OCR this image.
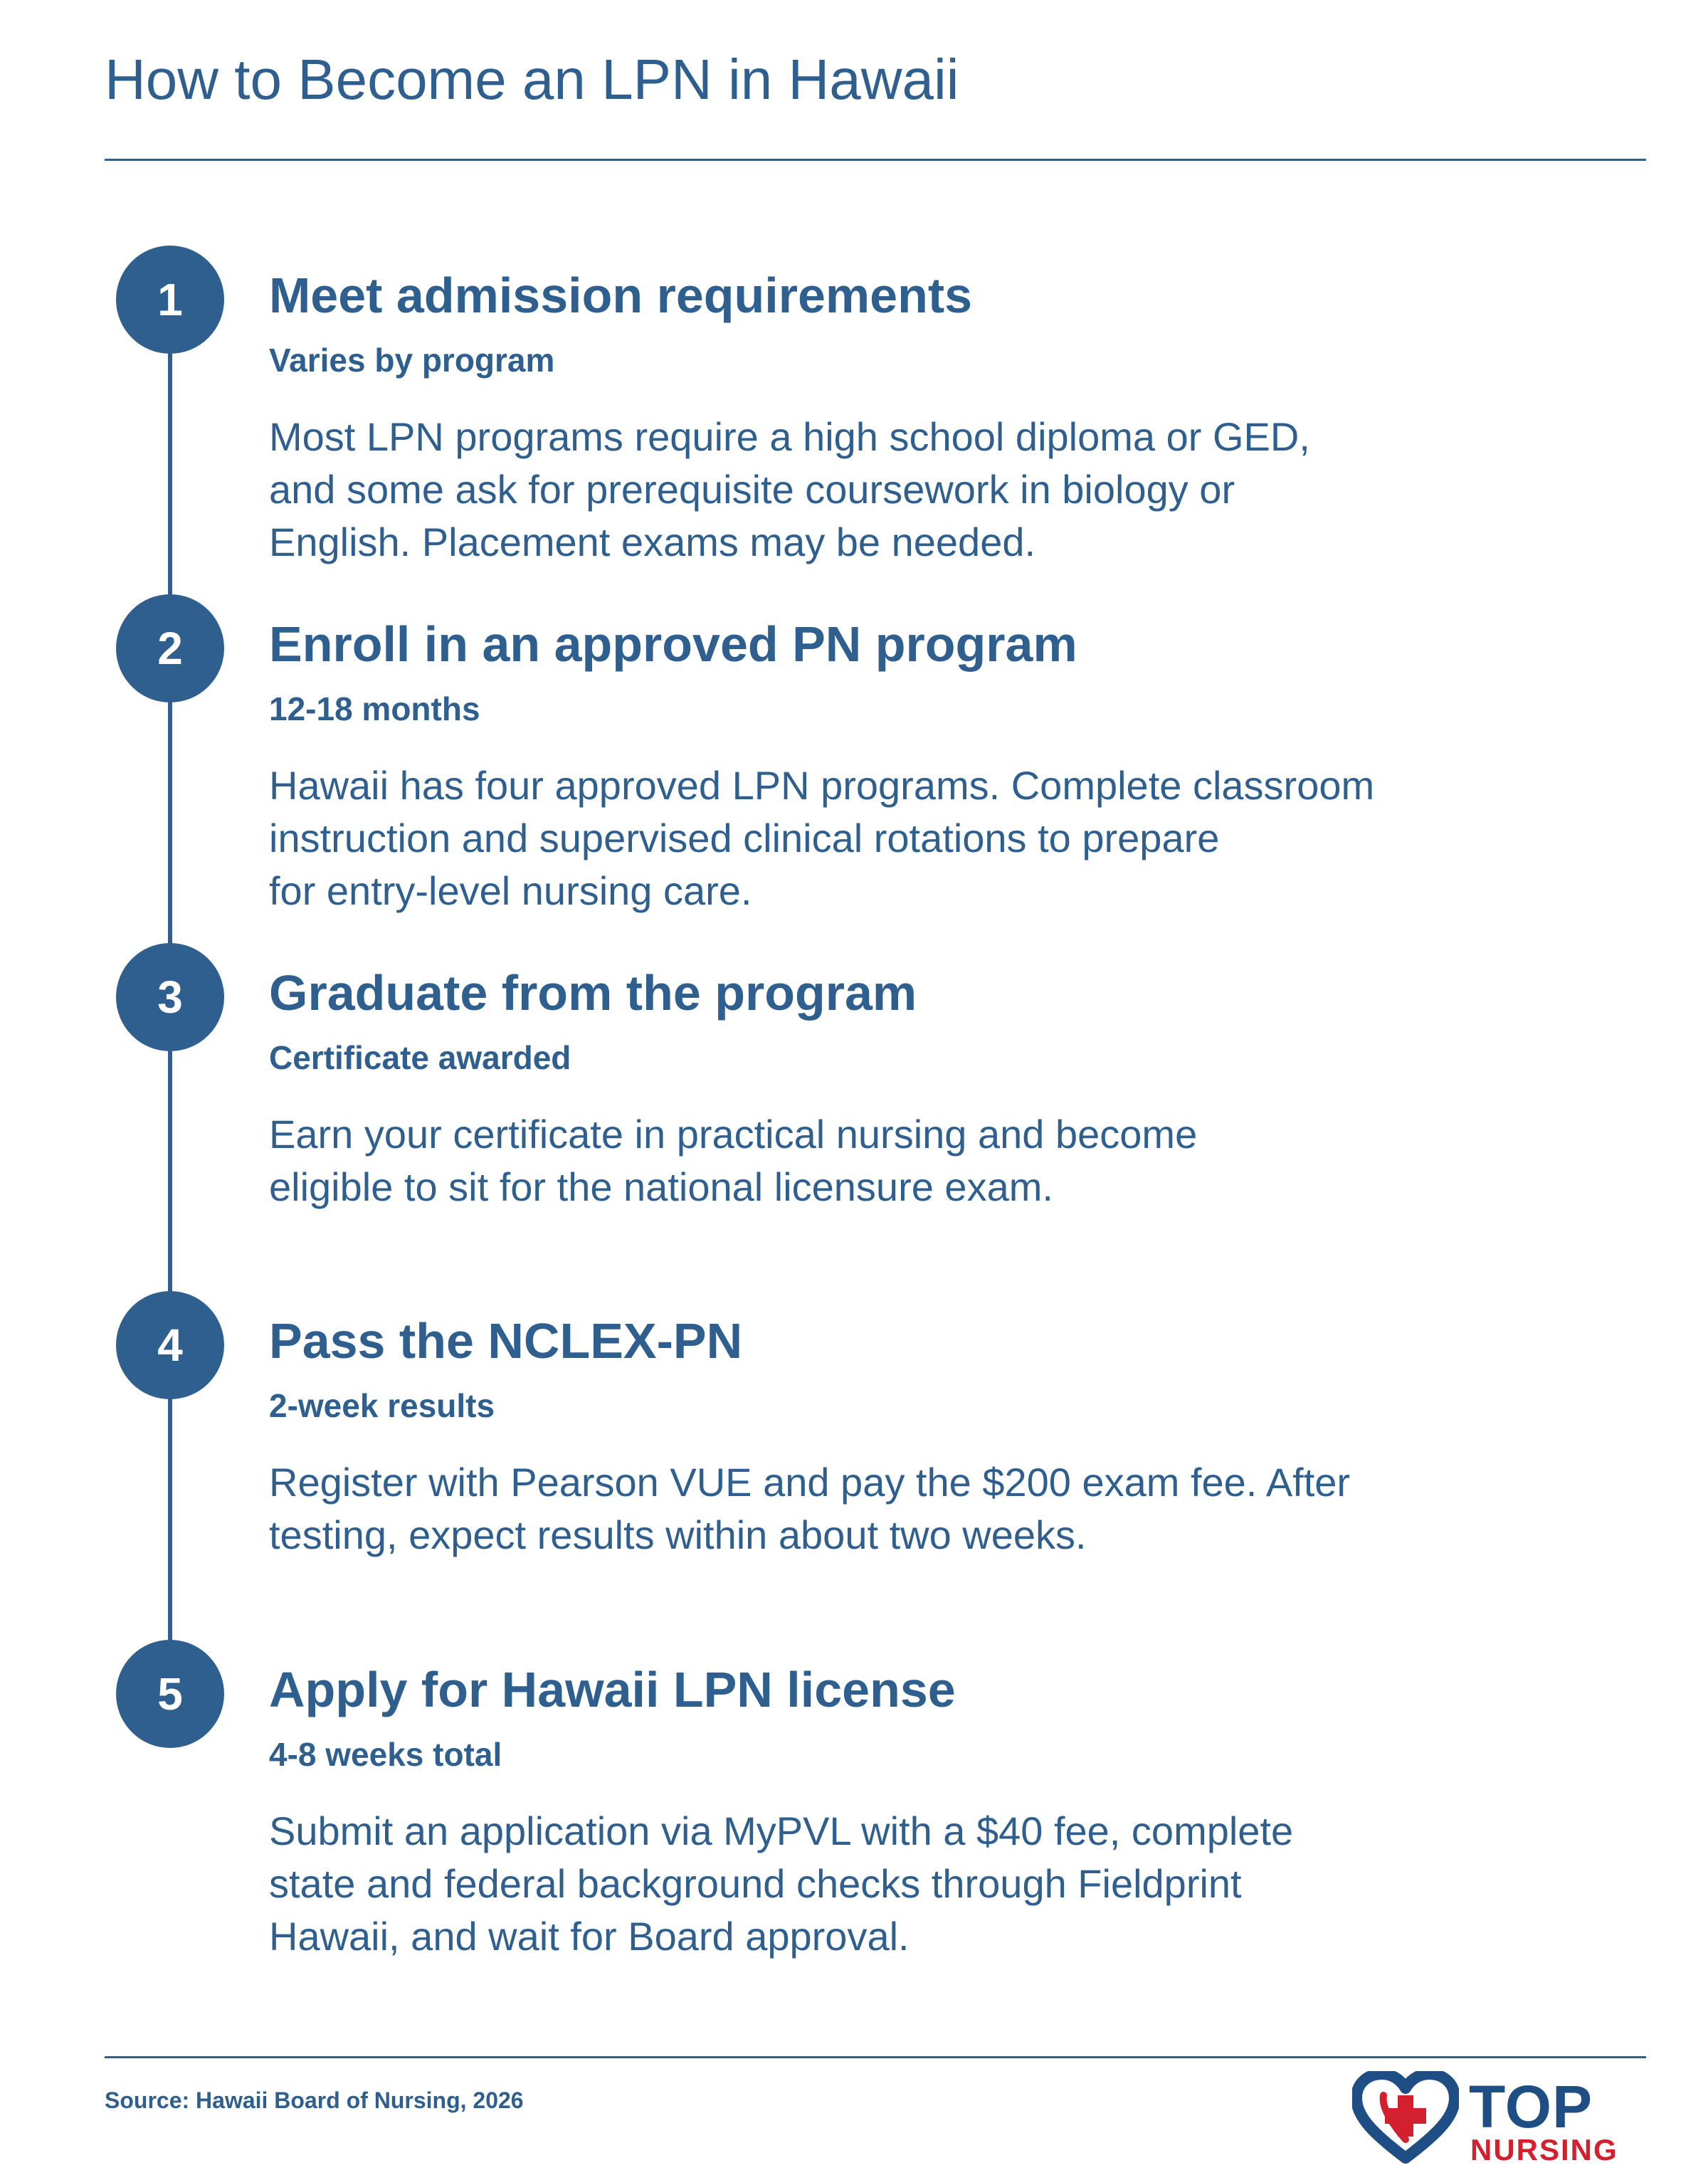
How to Become an LPN in Hawaii
1	Meet admission requirements
Varies by program

Most LPN programs require a high school diploma or GED,
and some ask for prerequisite coursework in biology or
English. Placement exams may be needed.

2	Enroll in an approved PN program
12-18 months

Hawaii has four approved LPN programs. Complete classroom
instruction and supervised clinical rotations to prepare
for entry-level nursing care.

3	Graduate from the program
Certificate awarded

Earn your certificate in practical nursing and become
eligible to sit for the national licensure exam.

4	Pass the NCLEX-PN
2-week results

Register with Pearson VUE and pay the $200 exam fee. After
testing, expect results within about two weeks.

5	Apply for Hawaii LPN license
4-8 weeks total

Submit an application via MyPVL with a $40 fee, complete
state and federal background checks through Fieldprint
Hawaii, and wait for Board approval.

Source: Hawaii Board of Nursing, 2026	TOP
NURSING
